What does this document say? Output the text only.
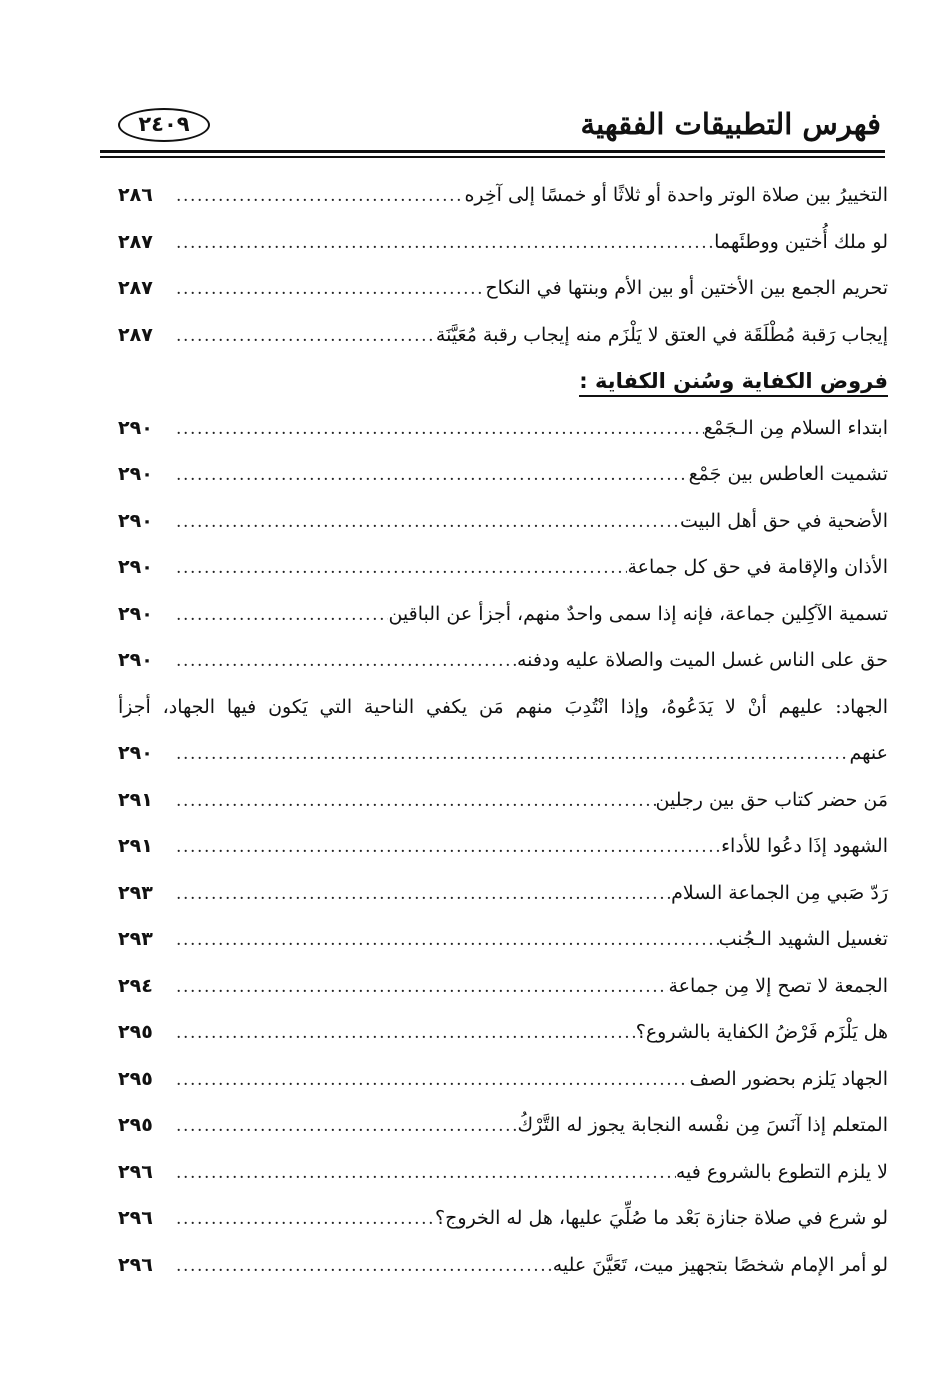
فهرس التطبيقات الفقهية
٢٤٠٩
التخييرُ بين صلاة الوتر واحدة أو ثلاثًا أو خمسًا إلى آخِره
.....
٢٨٦
لو ملك أُختين ووطئَهما
.....
٢٨٧
تحريم الجمع بين الأختين أو بين الأم وبنتها في النكاح
.....
٢٨٧
إيجاب رَقبة مُطْلَقَة في العتق لا يَلْزَم منه إيجاب رقبة مُعَيَّنَة
.....
٢٨٧
فروض الكفاية وسُنن الكفاية :
ابتداء السلام مِن الـجَمْع
.....
٢٩٠
تشميت العاطس بين جَمْع
.....
٢٩٠
الأضحية في حق أهل البيت
.....
٢٩٠
الأذان والإقامة في حق كل جماعة
.....
٢٩٠
تسمية الآكِلين جماعة، فإنه إذا سمى واحدٌ منهم، أجزأ عن الباقين
.....
٢٩٠
حق على الناس غسل الميت والصلاة عليه ودفنه
.....
٢٩٠
الجهاد: عليهم أنْ لا يَدَعُوهُ، وإذا انْتُدِبَ منهم مَن يكفي الناحية التي يَكون فيها الجهاد، أجزأ
عنهم
.....
٢٩٠
مَن حضر كتاب حق بين رجلين
.....
٢٩١
الشهود إذَا دعُوا للأداء
.....
٢٩١
رَدّ صَبي مِن الجماعة السلام
.....
٢٩٣
تغسيل الشهيد الـجُنب
.....
٢٩٣
الجمعة لا تصح إلا مِن جماعة
.....
٢٩٤
هل يَلْزَم فَرْضُ الكفاية بالشروع؟
.....
٢٩٥
الجهاد يَلزم بحضور الصف
.....
٢٩٥
المتعلم إذا آنَسَ مِن نفْسه النجابة يجوز له التَّرْكُ
.....
٢٩٥
لا يلزم التطوع بالشروع فيه
.....
٢٩٦
لو شرع في صلاة جنازة بَعْد ما صُلِّيَ عليها، هل له الخروج؟
.....
٢٩٦
لو أمر الإمام شخصًا بتجهيز ميت، تَعَيَّنَ عليه
.....
٢٩٦
